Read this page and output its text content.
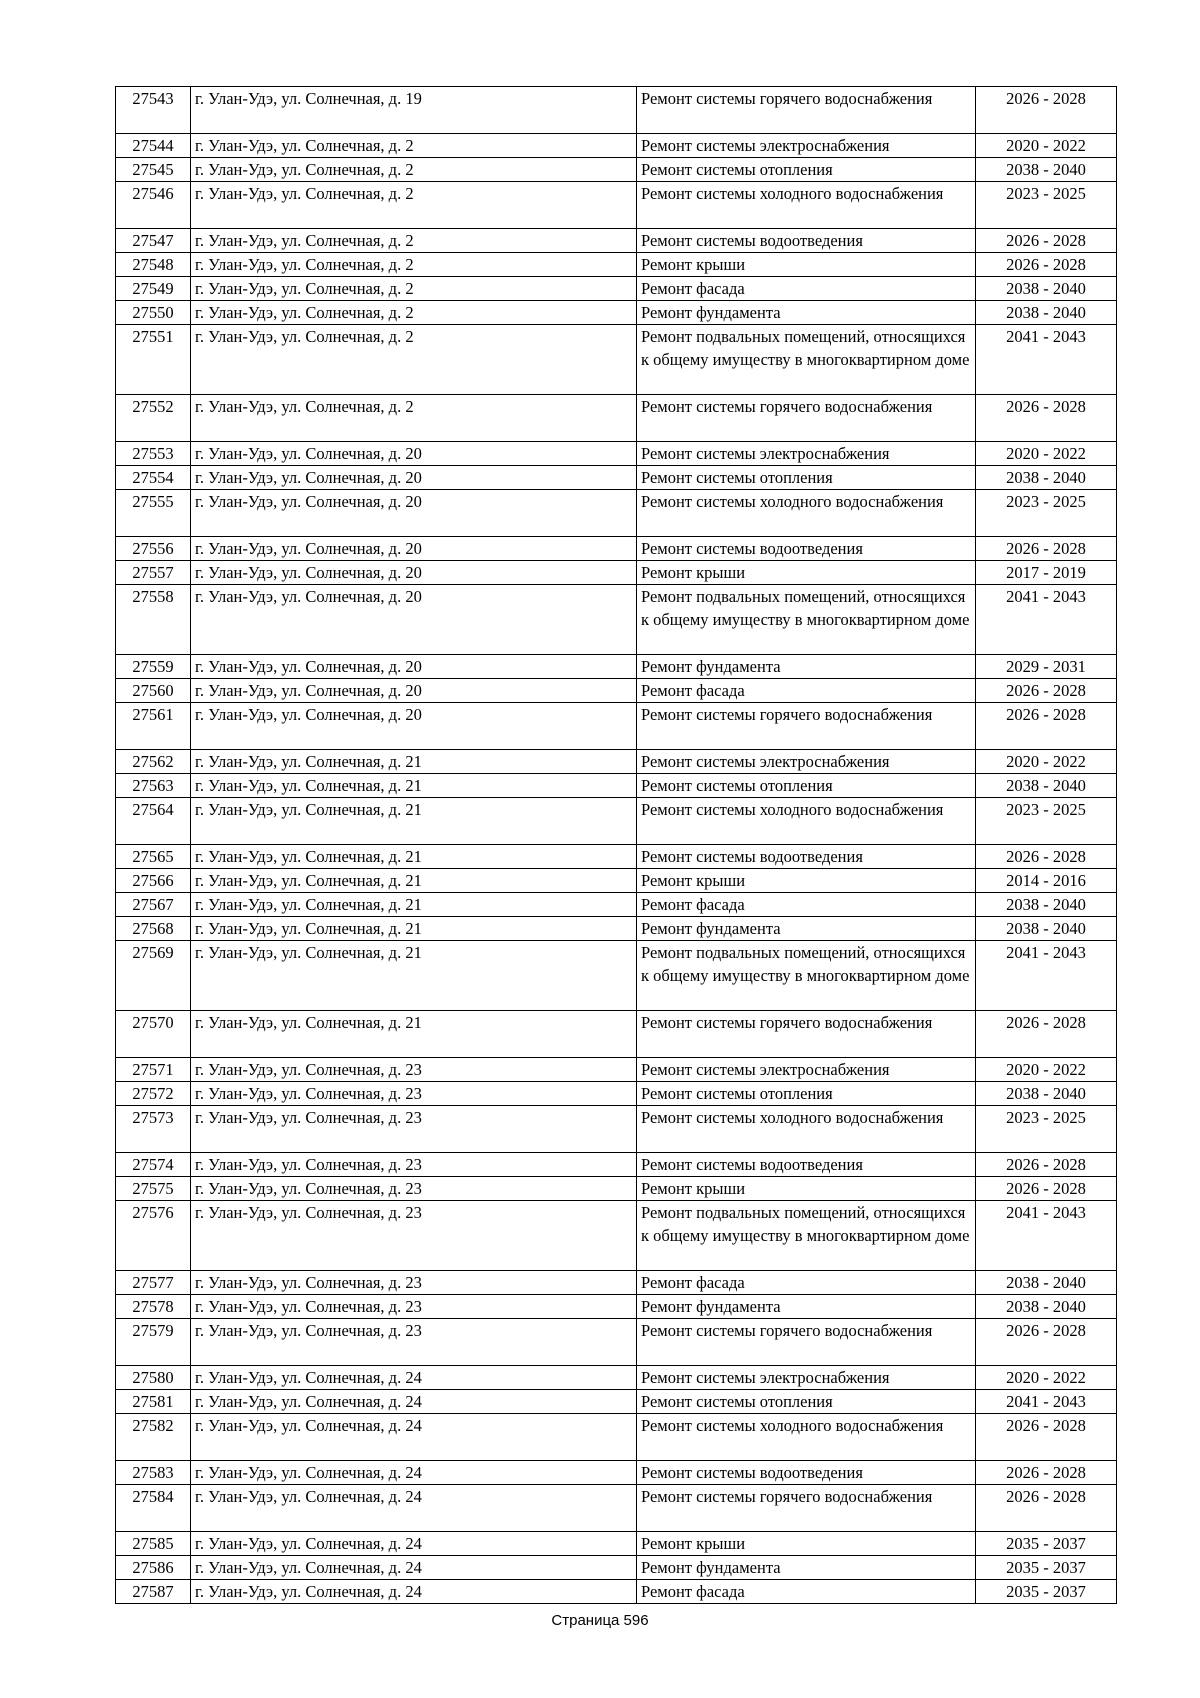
27543	г. Улан-Удэ, ул. Солнечная, д. 19	Ремонт системы горячего водоснабжения	2026 - 2028
27544	г. Улан-Удэ, ул. Солнечная, д. 2	Ремонт системы электроснабжения	2020 - 2022
27545	г. Улан-Удэ, ул. Солнечная, д. 2	Ремонт системы отопления	2038 - 2040
27546	г. Улан-Удэ, ул. Солнечная, д. 2	Ремонт системы холодного водоснабжения	2023 - 2025
27547	г. Улан-Удэ, ул. Солнечная, д. 2	Ремонт системы водоотведения	2026 - 2028
27548	г. Улан-Удэ, ул. Солнечная, д. 2	Ремонт крыши	2026 - 2028
27549	г. Улан-Удэ, ул. Солнечная, д. 2	Ремонт фасада	2038 - 2040
27550	г. Улан-Удэ, ул. Солнечная, д. 2	Ремонт фундамента	2038 - 2040
27551	г. Улан-Удэ, ул. Солнечная, д. 2	Ремонт подвальных помещений, относящихся к общему имуществу в многоквартирном доме	2041 - 2043
27552	г. Улан-Удэ, ул. Солнечная, д. 2	Ремонт системы горячего водоснабжения	2026 - 2028
27553	г. Улан-Удэ, ул. Солнечная, д. 20	Ремонт системы электроснабжения	2020 - 2022
27554	г. Улан-Удэ, ул. Солнечная, д. 20	Ремонт системы отопления	2038 - 2040
27555	г. Улан-Удэ, ул. Солнечная, д. 20	Ремонт системы холодного водоснабжения	2023 - 2025
27556	г. Улан-Удэ, ул. Солнечная, д. 20	Ремонт системы водоотведения	2026 - 2028
27557	г. Улан-Удэ, ул. Солнечная, д. 20	Ремонт крыши	2017 - 2019
27558	г. Улан-Удэ, ул. Солнечная, д. 20	Ремонт подвальных помещений, относящихся к общему имуществу в многоквартирном доме	2041 - 2043
27559	г. Улан-Удэ, ул. Солнечная, д. 20	Ремонт фундамента	2029 - 2031
27560	г. Улан-Удэ, ул. Солнечная, д. 20	Ремонт фасада	2026 - 2028
27561	г. Улан-Удэ, ул. Солнечная, д. 20	Ремонт системы горячего водоснабжения	2026 - 2028
27562	г. Улан-Удэ, ул. Солнечная, д. 21	Ремонт системы электроснабжения	2020 - 2022
27563	г. Улан-Удэ, ул. Солнечная, д. 21	Ремонт системы отопления	2038 - 2040
27564	г. Улан-Удэ, ул. Солнечная, д. 21	Ремонт системы холодного водоснабжения	2023 - 2025
27565	г. Улан-Удэ, ул. Солнечная, д. 21	Ремонт системы водоотведения	2026 - 2028
27566	г. Улан-Удэ, ул. Солнечная, д. 21	Ремонт крыши	2014 - 2016
27567	г. Улан-Удэ, ул. Солнечная, д. 21	Ремонт фасада	2038 - 2040
27568	г. Улан-Удэ, ул. Солнечная, д. 21	Ремонт фундамента	2038 - 2040
27569	г. Улан-Удэ, ул. Солнечная, д. 21	Ремонт подвальных помещений, относящихся к общему имуществу в многоквартирном доме	2041 - 2043
27570	г. Улан-Удэ, ул. Солнечная, д. 21	Ремонт системы горячего водоснабжения	2026 - 2028
27571	г. Улан-Удэ, ул. Солнечная, д. 23	Ремонт системы электроснабжения	2020 - 2022
27572	г. Улан-Удэ, ул. Солнечная, д. 23	Ремонт системы отопления	2038 - 2040
27573	г. Улан-Удэ, ул. Солнечная, д. 23	Ремонт системы холодного водоснабжения	2023 - 2025
27574	г. Улан-Удэ, ул. Солнечная, д. 23	Ремонт системы водоотведения	2026 - 2028
27575	г. Улан-Удэ, ул. Солнечная, д. 23	Ремонт крыши	2026 - 2028
27576	г. Улан-Удэ, ул. Солнечная, д. 23	Ремонт подвальных помещений, относящихся к общему имуществу в многоквартирном доме	2041 - 2043
27577	г. Улан-Удэ, ул. Солнечная, д. 23	Ремонт фасада	2038 - 2040
27578	г. Улан-Удэ, ул. Солнечная, д. 23	Ремонт фундамента	2038 - 2040
27579	г. Улан-Удэ, ул. Солнечная, д. 23	Ремонт системы горячего водоснабжения	2026 - 2028
27580	г. Улан-Удэ, ул. Солнечная, д. 24	Ремонт системы электроснабжения	2020 - 2022
27581	г. Улан-Удэ, ул. Солнечная, д. 24	Ремонт системы отопления	2041 - 2043
27582	г. Улан-Удэ, ул. Солнечная, д. 24	Ремонт системы холодного водоснабжения	2026 - 2028
27583	г. Улан-Удэ, ул. Солнечная, д. 24	Ремонт системы водоотведения	2026 - 2028
27584	г. Улан-Удэ, ул. Солнечная, д. 24	Ремонт системы горячего водоснабжения	2026 - 2028
27585	г. Улан-Удэ, ул. Солнечная, д. 24	Ремонт крыши	2035 - 2037
27586	г. Улан-Удэ, ул. Солнечная, д. 24	Ремонт фундамента	2035 - 2037
27587	г. Улан-Удэ, ул. Солнечная, д. 24	Ремонт фасада	2035 - 2037
Страница 596
